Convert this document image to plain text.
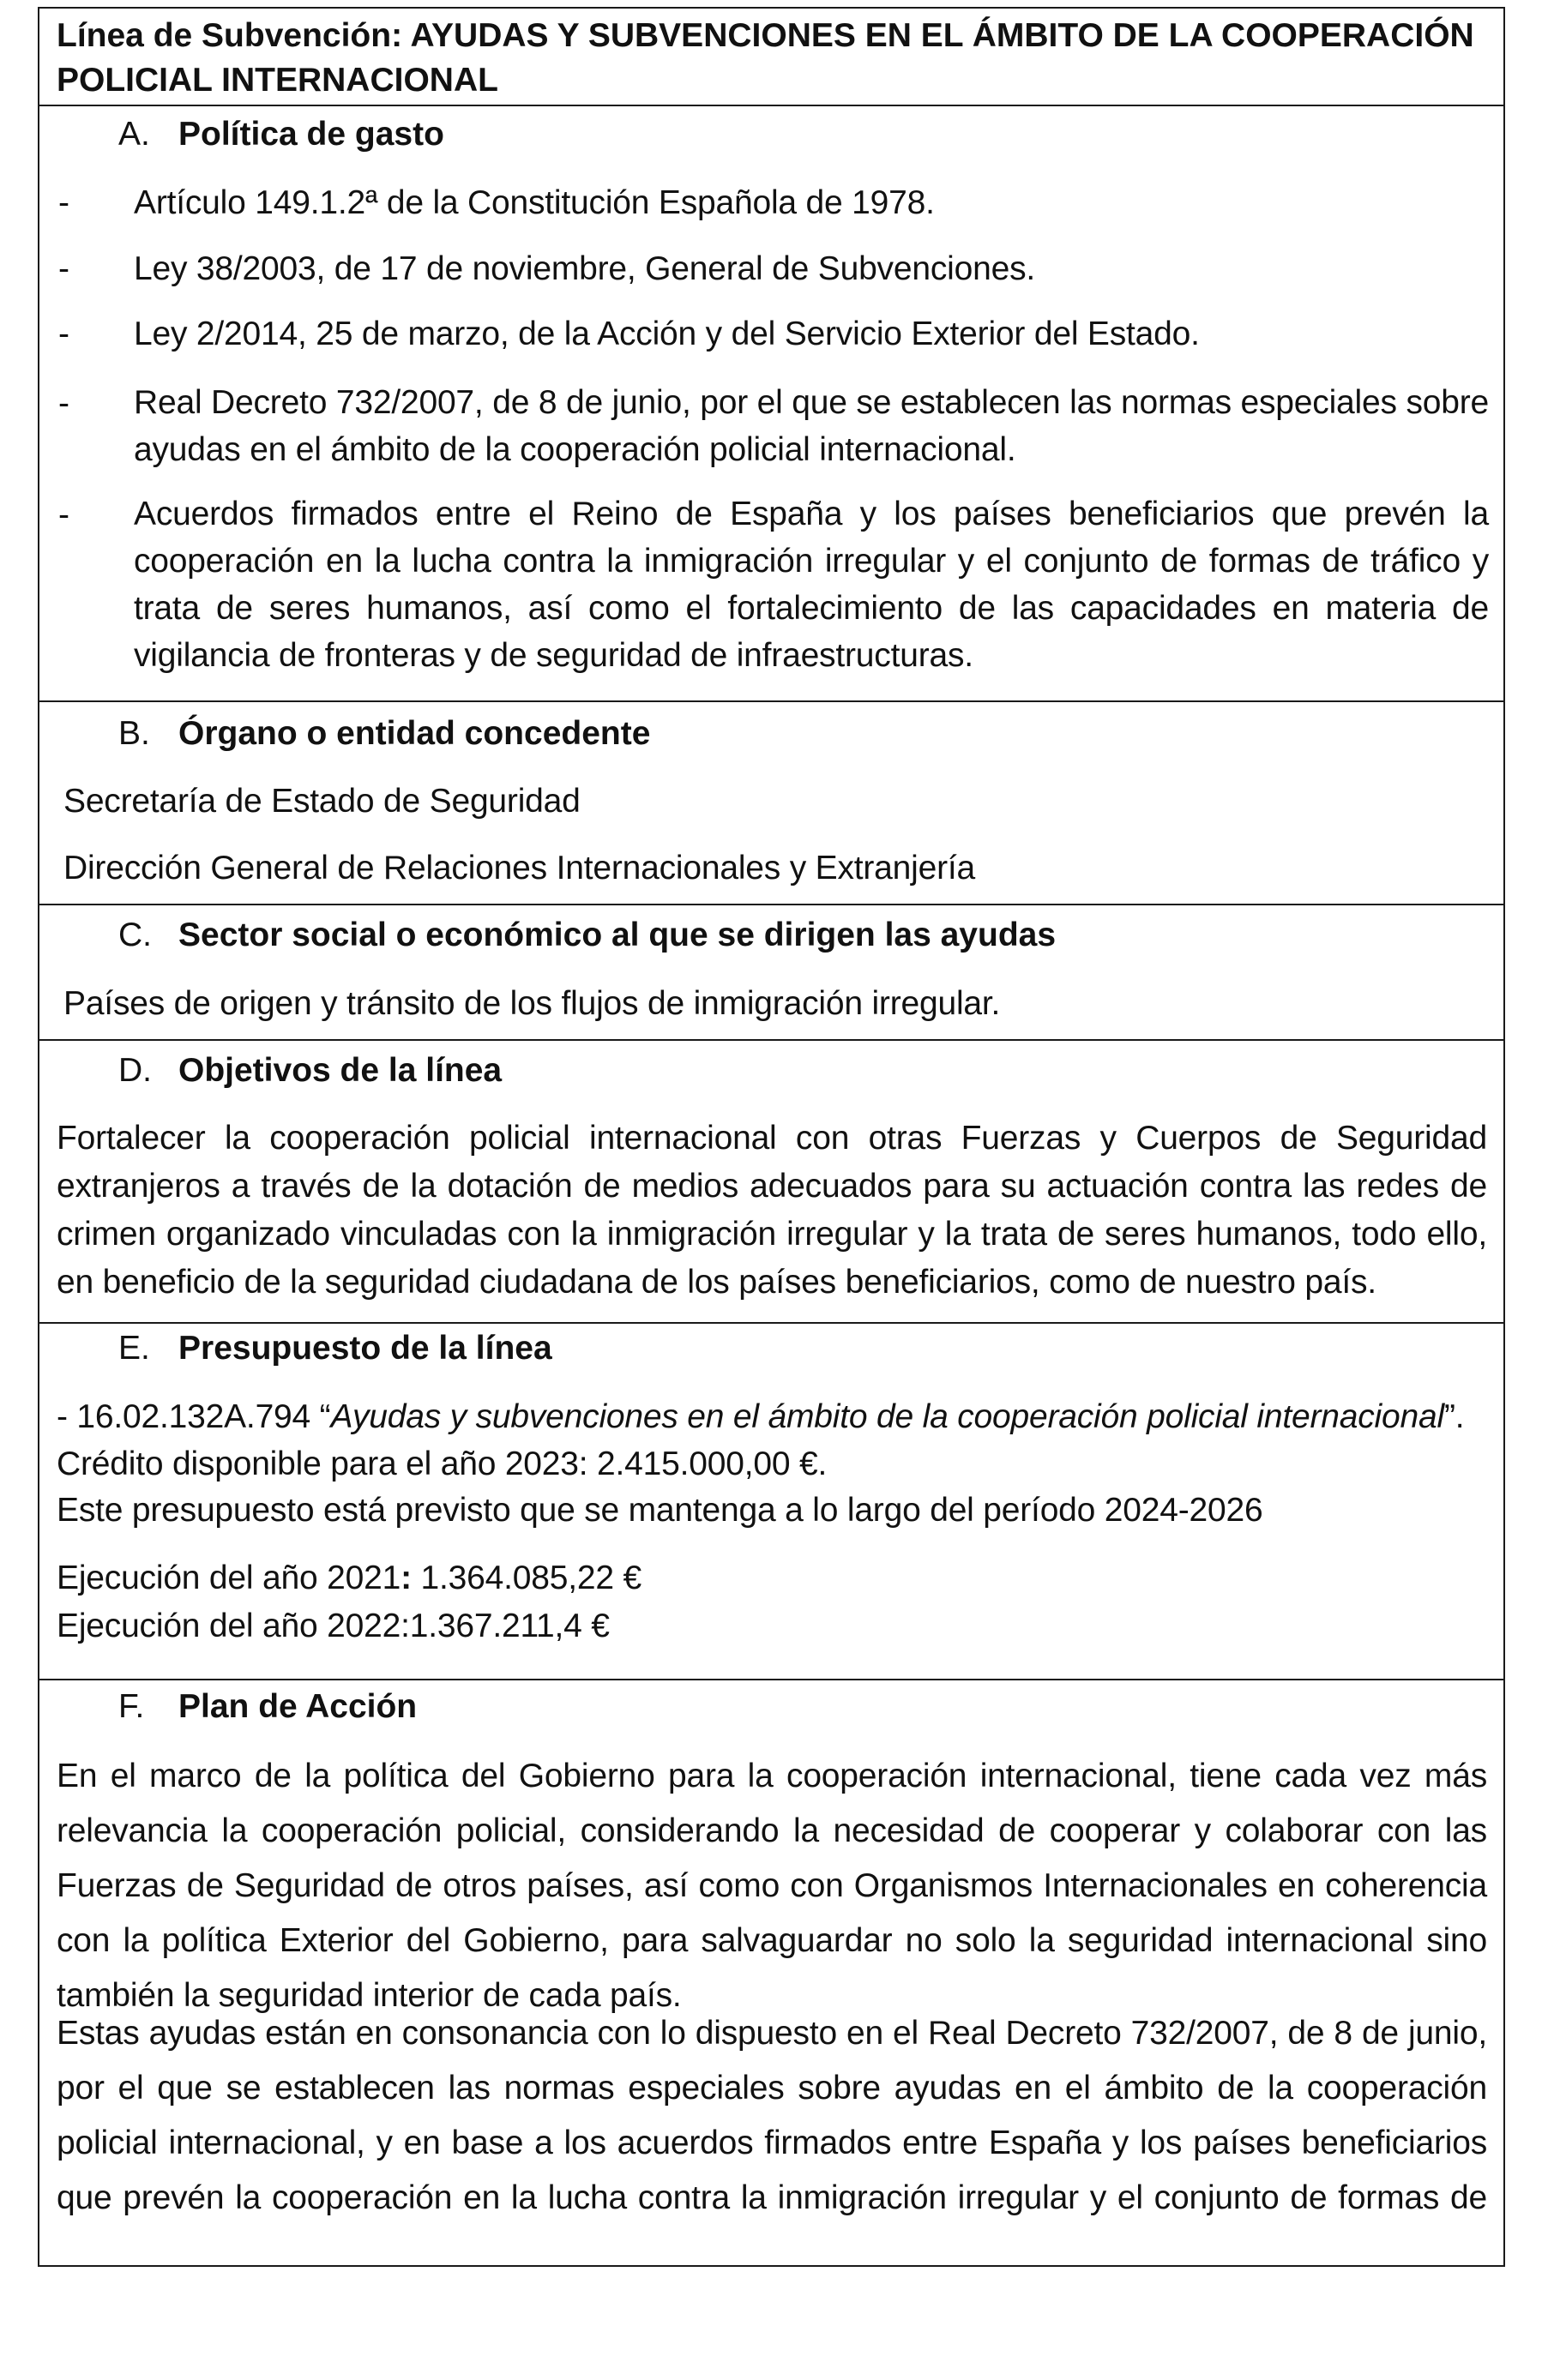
Línea de Subvención: AYUDAS Y SUBVENCIONES EN EL ÁMBITO DE LA COOPERACIÓN
POLICIAL INTERNACIONAL
A. Política de gasto
- Artículo 149.1.2ª de la Constitución Española de 1978.
- Ley 38/2003, de 17 de noviembre, General de Subvenciones.
- Ley 2/2014, 25 de marzo, de la Acción y del Servicio Exterior del Estado.
- Real Decreto 732/2007, de 8 de junio, por el que se establecen las normas especiales sobre ayudas en el ámbito de la cooperación policial internacional.
- Acuerdos firmados entre el Reino de España y los países beneficiarios que prevén la cooperación en la lucha contra la inmigración irregular y el conjunto de formas de tráfico y trata de seres humanos, así como el fortalecimiento de las capacidades en materia de vigilancia de fronteras y de seguridad de infraestructuras.
B. Órgano o entidad concedente
Secretaría de Estado de Seguridad
Dirección General de Relaciones Internacionales y Extranjería
C. Sector social o económico al que se dirigen las ayudas
Países de origen y tránsito de los flujos de inmigración irregular.
D. Objetivos de la línea
Fortalecer la cooperación policial internacional con otras Fuerzas y Cuerpos de Seguridad extranjeros a través de la dotación de medios adecuados para su actuación contra las redes de crimen organizado vinculadas con la inmigración irregular y la trata de seres humanos, todo ello, en beneficio de la seguridad ciudadana de los países beneficiarios, como de nuestro país.
E. Presupuesto de la línea
- 16.02.132A.794 “Ayudas y subvenciones en el ámbito de la cooperación policial internacional”.
Crédito disponible para el año 2023: 2.415.000,00 €.
Este presupuesto está previsto que se mantenga a lo largo del período 2024-2026
Ejecución del año 2021: 1.364.085,22 €
Ejecución del año 2022:1.367.211,4 €
F. Plan de Acción
En el marco de la política del Gobierno para la cooperación internacional, tiene cada vez más relevancia la cooperación policial, considerando la necesidad de cooperar y colaborar con las Fuerzas de Seguridad de otros países, así como con Organismos Internacionales en coherencia con la política Exterior del Gobierno, para salvaguardar no solo la seguridad internacional sino también la seguridad interior de cada país.
Estas ayudas están en consonancia con lo dispuesto en el Real Decreto 732/2007, de 8 de junio, por el que se establecen las normas especiales sobre ayudas en el ámbito de la cooperación policial internacional, y en base a los acuerdos firmados entre España y los países beneficiarios que prevén la cooperación en la lucha contra la inmigración irregular y el conjunto de formas de
